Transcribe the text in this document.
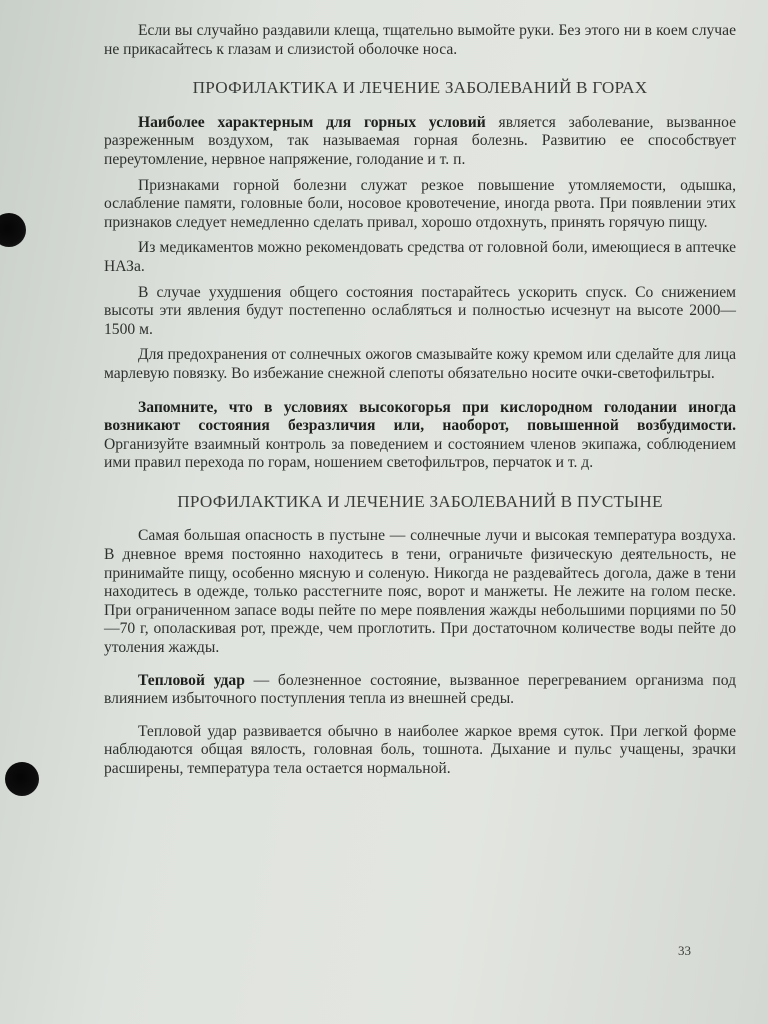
Если вы случайно раздавили клеща, тщательно вымойте руки. Без этого ни в коем случае не прикасайтесь к глазам и слизистой оболочке носа.

ПРОФИЛАКТИКА И ЛЕЧЕНИЕ ЗАБОЛЕВАНИЙ В ГОРАХ

Наиболее характерным для горных условий является заболевание, вызванное разреженным воздухом, так называемая горная болезнь. Развитию ее способствует переутомление, нервное напряжение, голодание и т. п.

Признаками горной болезни служат резкое повышение утомляемости, одышка, ослабление памяти, головные боли, носовое кровотечение, иногда рвота. При появлении этих признаков следует немедленно сделать привал, хорошо отдохнуть, принять горячую пищу.

Из медикаментов можно рекомендовать средства от головной боли, имеющиеся в аптечке НАЗа.

В случае ухудшения общего состояния постарайтесь ускорить спуск. Со снижением высоты эти явления будут постепенно ослабляться и полностью исчезнут на высоте 2000—1500 м.

Для предохранения от солнечных ожогов смазывайте кожу кремом или сделайте для лица марлевую повязку. Во избежание снежной слепоты обязательно носите очки-светофильтры.

Запомните, что в условиях высокогорья при кислородном голодании иногда возникают состояния безразличия или, наоборот, повышенной возбудимости. Организуйте взаимный контроль за поведением и состоянием членов экипажа, соблюдением ими правил перехода по горам, ношением светофильтров, перчаток и т. д.

ПРОФИЛАКТИКА И ЛЕЧЕНИЕ ЗАБОЛЕВАНИЙ В ПУСТЫНЕ

Самая большая опасность в пустыне — солнечные лучи и высокая температура воздуха. В дневное время постоянно находитесь в тени, ограничьте физическую деятельность, не принимайте пищу, особенно мясную и соленую. Никогда не раздевайтесь догола, даже в тени находитесь в одежде, только расстегните пояс, ворот и манжеты. Не лежите на голом песке. При ограниченном запасе воды пейте по мере появления жажды небольшими порциями по 50—70 г, ополаскивая рот, прежде, чем проглотить. При достаточном количестве воды пейте до утоления жажды.

Тепловой удар — болезненное состояние, вызванное перегреванием организма под влиянием избыточного поступления тепла из внешней среды.

Тепловой удар развивается обычно в наиболее жаркое время суток. При легкой форме наблюдаются общая вялость, головная боль, тошнота. Дыхание и пульс учащены, зрачки расширены, температура тела остается нормальной.

33
